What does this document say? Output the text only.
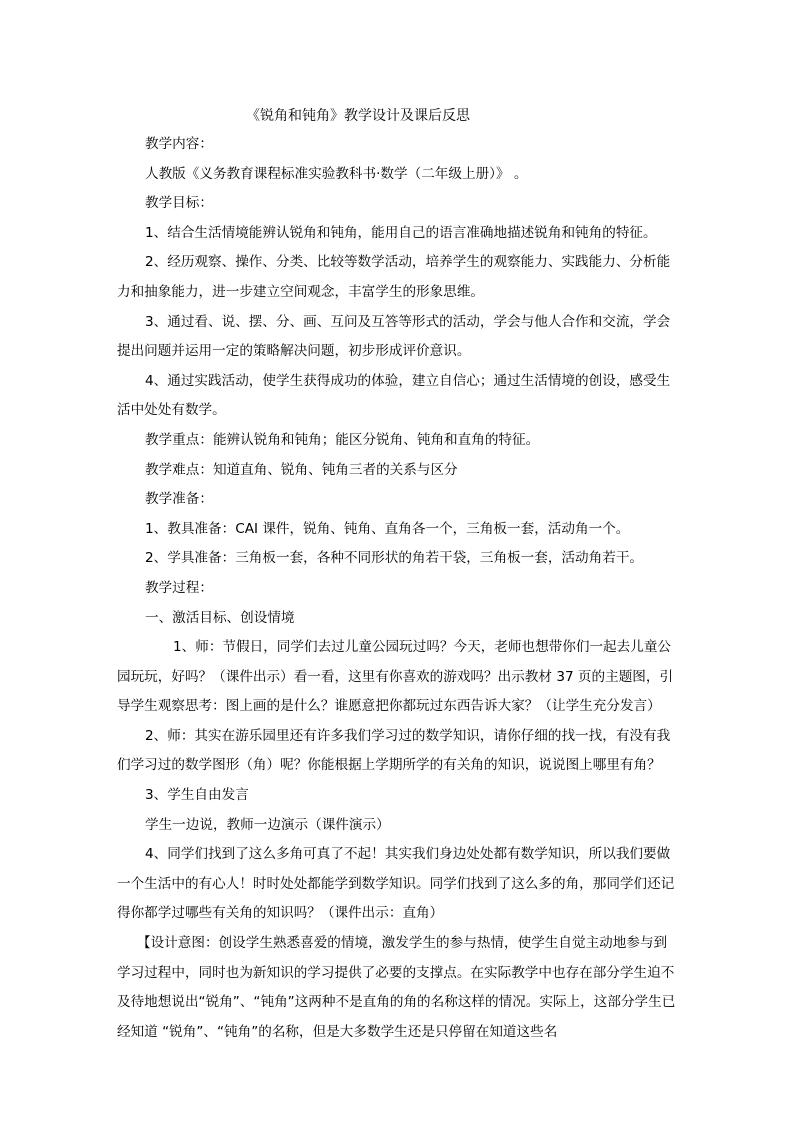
《锐角和钝角》教学设计及课后反思

教学内容：

人教版《义务教育课程标准实验教科书·数学（二年级上册）》 。

教学目标：

1、结合生活情境能辨认锐角和钝角，能用自己的语言准确地描述锐角和钝角的特征。

2、经历观察、操作、分类、比较等数学活动，培养学生的观察能力、实践能力、分析能力和抽象能力，进一步建立空间观念，丰富学生的形象思维。

3、通过看、说、摆、分、画、互问及互答等形式的活动，学会与他人合作和交流，学会提出问题并运用一定的策略解决问题，初步形成评价意识。

4、通过实践活动，使学生获得成功的体验，建立自信心；通过生活情境的创设，感受生活中处处有数学。

教学重点：能辨认锐角和钝角；能区分锐角、钝角和直角的特征。

教学难点：知道直角、锐角、钝角三者的关系与区分

教学准备：

1、教具准备：CAI 课件，锐角、钝角、直角各一个，三角板一套，活动角一个。

2、学具准备：三角板一套，各种不同形状的角若干袋，三角板一套，活动角若干。

教学过程：

一、激活目标、创设情境

1、师：节假日，同学们去过儿童公园玩过吗？今天，老师也想带你们一起去儿童公园玩玩，好吗？（课件出示）看一看，这里有你喜欢的游戏吗？出示教材 37 页的主题图，引导学生观察思考：图上画的是什么？谁愿意把你都玩过东西告诉大家？（让学生充分发言）

2、师：其实在游乐园里还有许多我们学习过的数学知识，请你仔细的找一找，有没有我们学习过的数学图形（角）呢？你能根据上学期所学的有关角的知识，说说图上哪里有角？

3、学生自由发言

学生一边说，教师一边演示（课件演示）

4、同学们找到了这么多角可真了不起！其实我们身边处处都有数学知识，所以我们要做一个生活中的有心人！时时处处都能学到数学知识。同学们找到了这么多的角，那同学们还记得你都学过哪些有关角的知识吗？（课件出示：直角）

【设计意图：创设学生熟悉喜爱的情境，激发学生的参与热情，使学生自觉主动地参与到学习过程中，同时也为新知识的学习提供了必要的支撑点。在实际教学中也存在部分学生迫不及待地想说出“锐角”、“钝角”这两种不是直角的角的名称这样的情况。实际上，这部分学生已经知道 “锐角”、“钝角”的名称，但是大多数学生还是只停留在知道这些名
